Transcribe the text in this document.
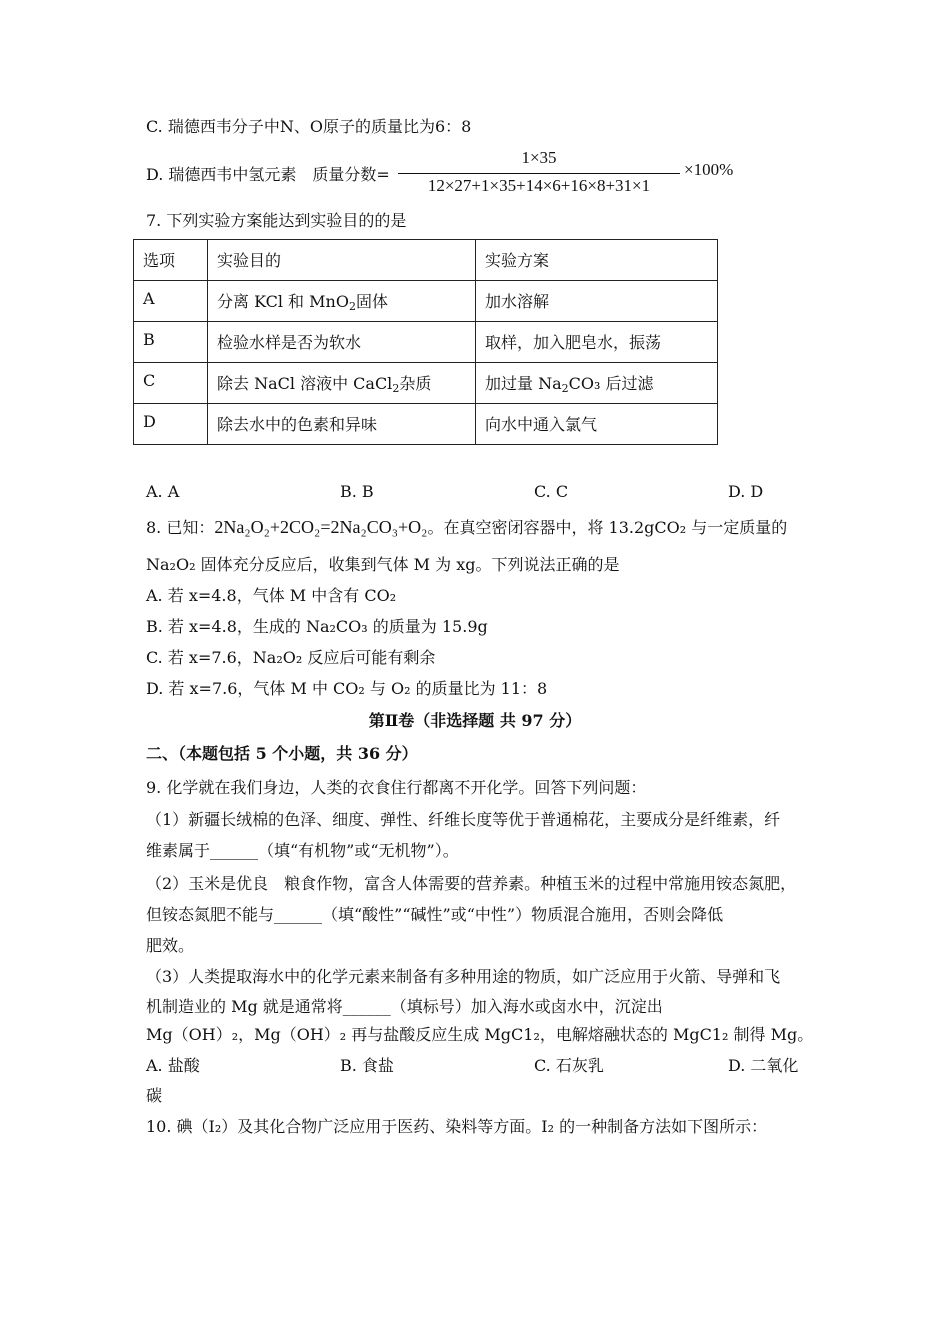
C. 瑞德西韦分子中N、O原子的质量比为6：8
D. 瑞德西韦中氢元素　质量分数=
1×35
12×27+1×35+14×6+16×8+31×1
×100%
7. 下列实验方案能达到实验目的的是
选项	实验目的	实验方案
A	分离 KCl 和 MnO$_2$固体	加水溶解
B	检验水样是否为软水	取样，加入肥皂水，振荡
C	除去 NaCl 溶液中 CaCl$_2$杂质	加过量 $Na_2CO_3$ 后过滤
D	除去水中的色素和异味	向水中通入氯气
A. A	B. B	C. C	D. D
8. 已知：2Na₂O₂+2CO₂=2Na₂CO₃+O₂。在真空密闭容器中，将 13.2gCO₂ 与一定质量的
Na₂O₂ 固体充分反应后，收集到气体 M 为 xg。下列说法正确的是
A. 若 x=4.8，气体 M 中含有 CO₂
B. 若 x=4.8，生成的 Na₂CO₃ 的质量为 15.9g
C. 若 x=7.6，Na₂O₂ 反应后可能有剩余
D. 若 x=7.6，气体 M 中 CO₂ 与 O₂ 的质量比为 11：8
第Ⅱ卷（非选择题 共 97 分）
二、（本题包括 5 个小题，共 36 分）
9. 化学就在我们身边，人类的衣食住行都离不开化学。回答下列问题：
（1）新疆长绒棉的色泽、细度、弹性、纤维长度等优于普通棉花，主要成分是纤维素，纤
维素属于______（填“有机物”或“无机物”）。
（2）玉米是优良　粮食作物，富含人体需要的营养素。种植玉米的过程中常施用铵态氮肥，
但铵态氮肥不能与______（填“酸性”“碱性”或“中性”）物质混合施用，否则会降低
肥效。
（3）人类提取海水中的化学元素来制备有多种用途的物质，如广泛应用于火箭、导弹和飞
机制造业的 Mg 就是通常将______（填标号）加入海水或卤水中，沉淀出
Mg（OH）₂，Mg（OH）₂ 再与盐酸反应生成 MgC1₂，电解熔融状态的 MgC1₂ 制得 Mg。
A. 盐酸	B. 食盐	C. 石灰乳	D. 二氧化
碳
10. 碘（I₂）及其化合物广泛应用于医药、染料等方面。I₂ 的一种制备方法如下图所示：
